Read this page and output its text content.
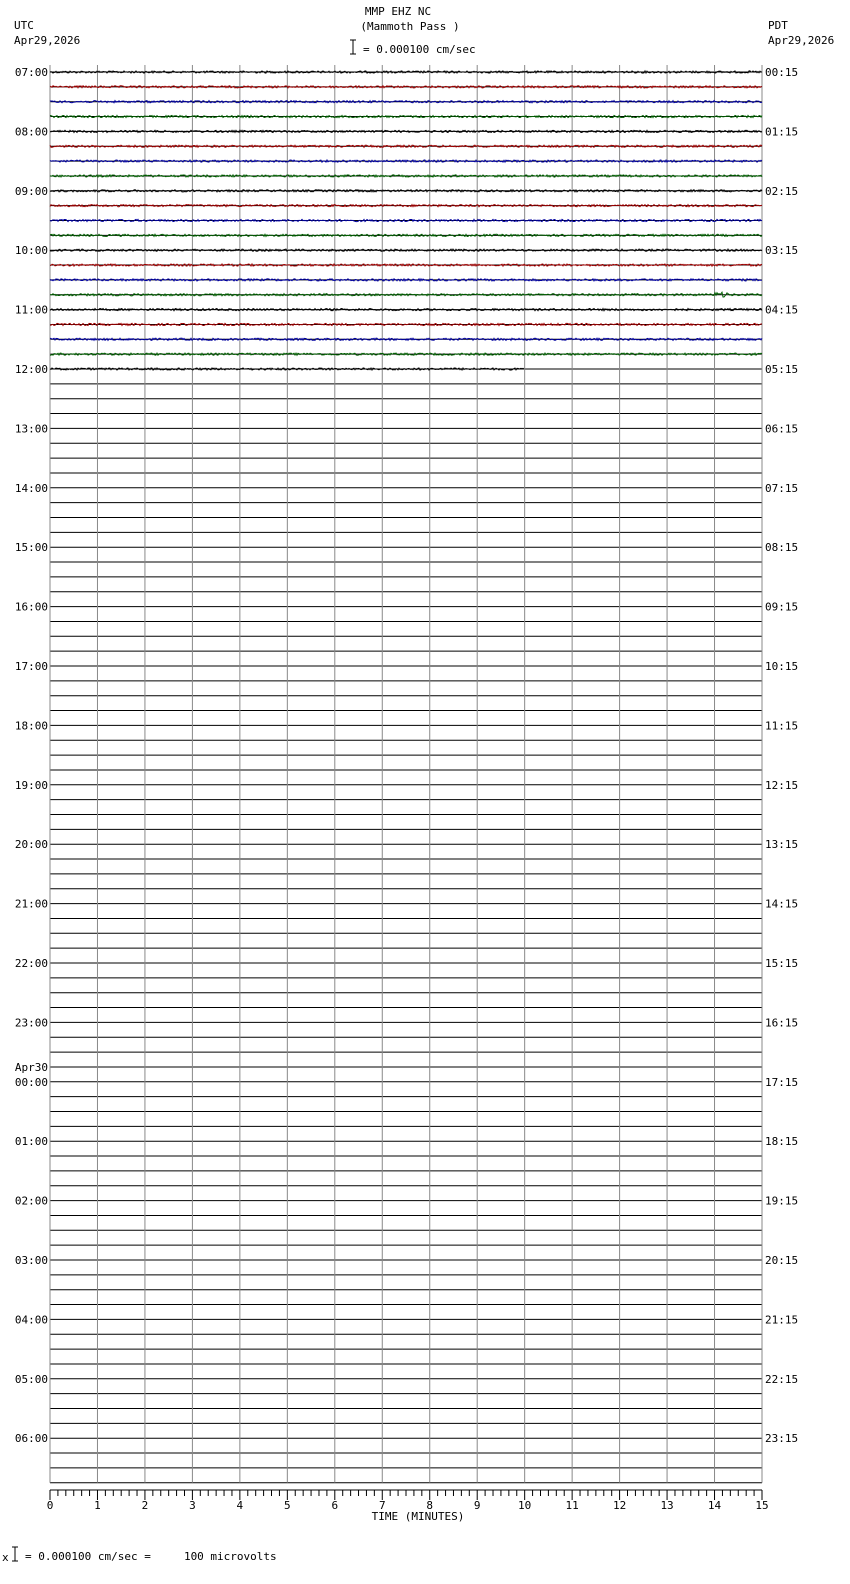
MMP EHZ NC
(Mammoth Pass )
= 0.000100 cm/sec
UTC
Apr29,2026
PDT
Apr29,2026
07:00
08:00
09:00
10:00
11:00
12:00
13:00
14:00
15:00
16:00
17:00
18:00
19:00
20:00
21:00
22:00
23:00
00:00
Apr30
01:00
02:00
03:00
04:00
05:00
06:00
00:15
01:15
02:15
03:15
04:15
05:15
06:15
07:15
08:15
09:15
10:15
11:15
12:15
13:15
14:15
15:15
16:15
17:15
18:15
19:15
20:15
21:15
22:15
23:15
0	1	2	3	4	5	6	7	8	9	10	11	12	13	14	15
TIME (MINUTES)
x = 0.000100 cm/sec =     100 microvolts
